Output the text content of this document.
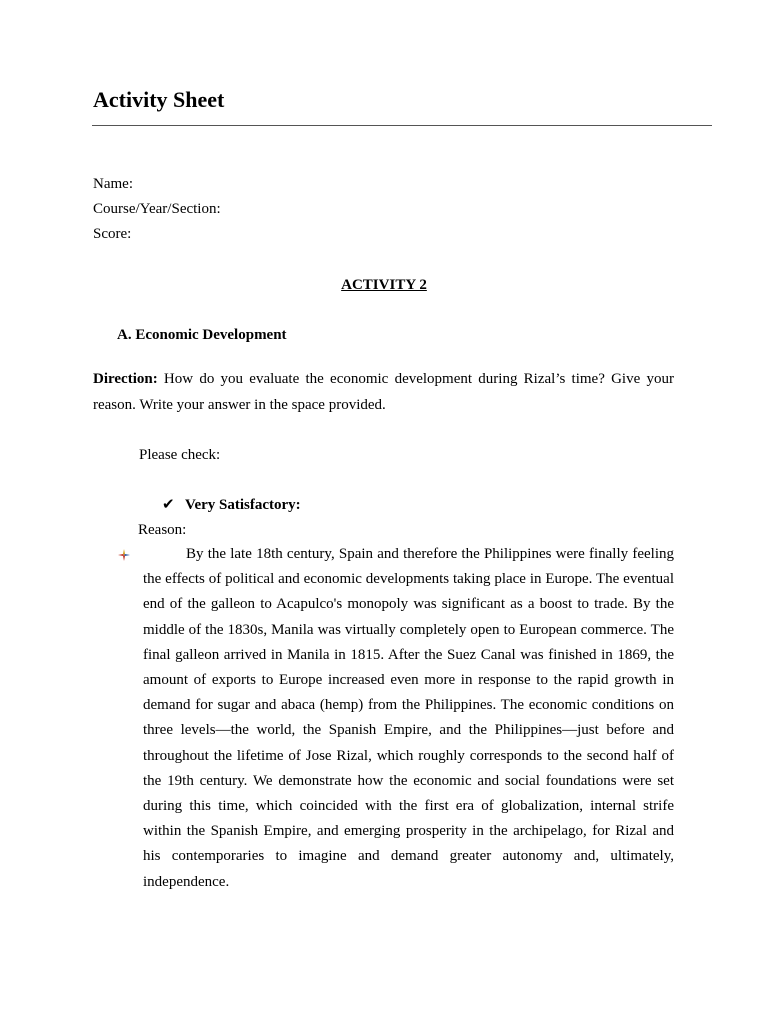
Activity Sheet
Name:
Course/Year/Section:
Score:
ACTIVITY 2
A. Economic Development
Direction: How do you evaluate the economic development during Rizal’s time? Give your reason. Write your answer in the space provided.
Please check:
✔ Very Satisfactory:
Reason:

By the late 18th century, Spain and therefore the Philippines were finally feeling the effects of political and economic developments taking place in Europe. The eventual end of the galleon to Acapulco's monopoly was significant as a boost to trade. By the middle of the 1830s, Manila was virtually completely open to European commerce. The final galleon arrived in Manila in 1815. After the Suez Canal was finished in 1869, the amount of exports to Europe increased even more in response to the rapid growth in demand for sugar and abaca (hemp) from the Philippines. The economic conditions on three levels—the world, the Spanish Empire, and the Philippines—just before and throughout the lifetime of Jose Rizal, which roughly corresponds to the second half of the 19th century. We demonstrate how the economic and social foundations were set during this time, which coincided with the first era of globalization, internal strife within the Spanish Empire, and emerging prosperity in the archipelago, for Rizal and his contemporaries to imagine and demand greater autonomy and, ultimately, independence.
